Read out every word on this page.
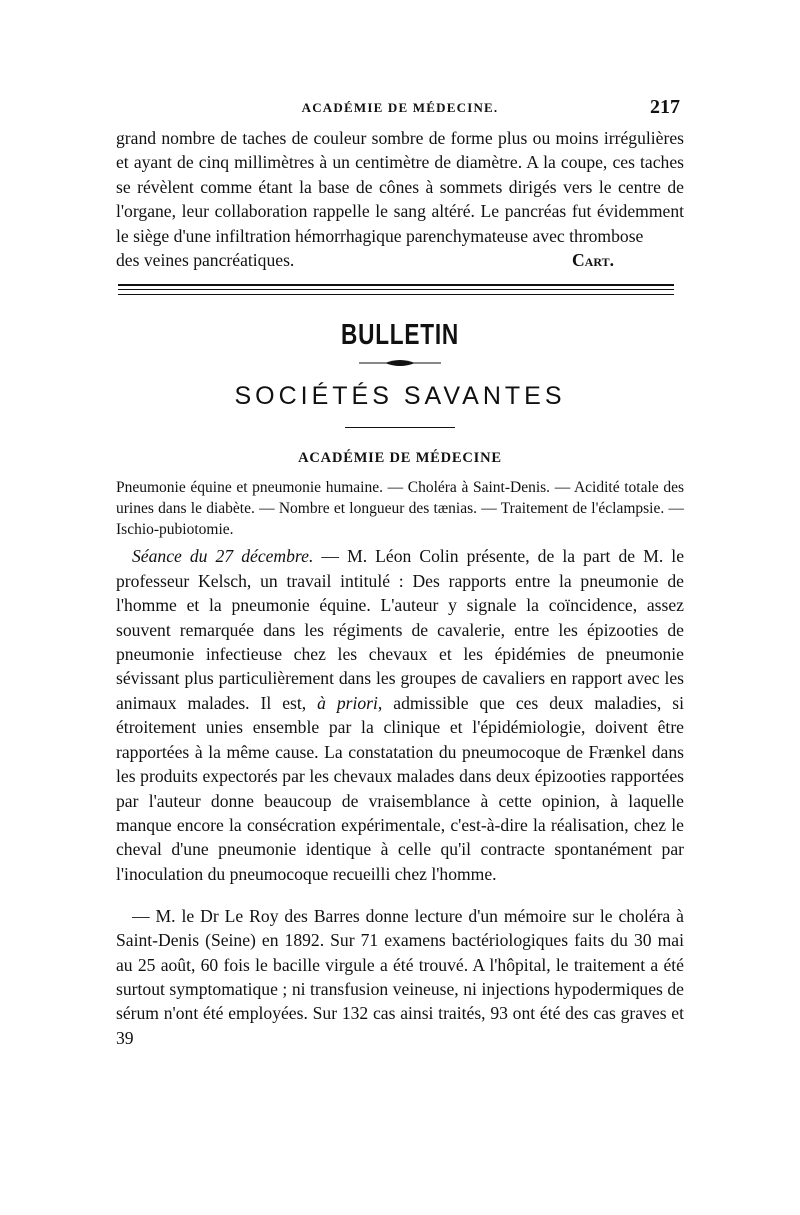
ACADÉMIE DE MÉDECINE.	217

grand nombre de taches de couleur sombre de forme plus ou moins irrégulières et ayant de cinq millimètres à un centimètre de diamètre. A la coupe, ces taches se révèlent comme étant la base de cônes à sommets dirigés vers le centre de l'organe, leur collaboration rappelle le sang altéré. Le pancréas fut évidemment le siège d'une infiltration hémorrhagique parenchymateuse avec thrombose

des veines pancréatiques.	Cart.
BULLETIN
SOCIÉTÉS SAVANTES
ACADÉMIE DE MÉDECINE
Pneumonie équine et pneumonie humaine. — Choléra à Saint-Denis. — Acidité totale des urines dans le diabète. — Nombre et longueur des tænias. — Traitement de l'éclampsie. — Ischio-pubiotomie.

Séance du 27 décembre. — M. Léon Colin présente, de la part de M. le professeur Kelsch, un travail intitulé : Des rapports entre la pneumonie de l'homme et la pneumonie équine. L'auteur y signale la coïncidence, assez souvent remarquée dans les régiments de cavalerie, entre les épizooties de pneumonie infectieuse chez les chevaux et les épidémies de pneumonie sévissant plus particulièrement dans les groupes de cavaliers en rapport avec les animaux malades. Il est, à priori, admissible que ces deux maladies, si étroitement unies ensemble par la clinique et l'épidémiologie, doivent être rapportées à la même cause. La constatation du pneumocoque de Frænkel dans les produits expectorés par les chevaux malades dans deux épizooties rapportées par l'auteur donne beaucoup de vraisemblance à cette opinion, à laquelle manque encore la consécration expérimentale, c'est-à-dire la réalisation, chez le cheval d'une pneumonie identique à celle qu'il contracte spontanément par l'inoculation du pneumocoque recueilli chez l'homme.

— M. le Dr Le Roy des Barres donne lecture d'un mémoire sur le choléra à Saint-Denis (Seine) en 1892. Sur 71 examens bactériologiques faits du 30 mai au 25 août, 60 fois le bacille virgule a été trouvé. A l'hôpital, le traitement a été surtout symptomatique ; ni transfusion veineuse, ni injections hypodermiques de sérum n'ont été employées. Sur 132 cas ainsi traités, 93 ont été des cas graves et 39
